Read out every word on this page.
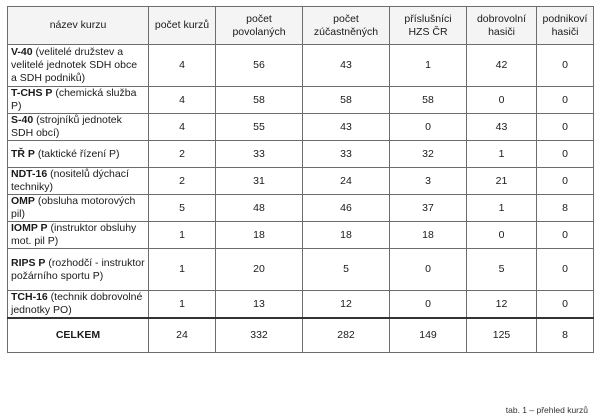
název kurzu	počet kurzů	počet povolaných	počet zúčastněných	příslušníci HZS ČR	dobrovolní hasiči	podnikoví hasiči
V-40 (velitelé družstev a velitelé jednotek SDH obce a SDH podniků)	4	56	43	1	42	0
T-CHS P (chemická služba P)	4	58	58	58	0	0
S-40 (strojníků jednotek SDH obcí)	4	55	43	0	43	0
TŘ P (taktické řízení P)	2	33	33	32	1	0
NDT-16 (nositelů dýchací techniky)	2	31	24	3	21	0
OMP (obsluha motorových pil)	5	48	46	37	1	8
IOMP P (instruktor obsluhy mot. pil P)	1	18	18	18	0	0
RIPS P (rozhodčí - instruktor požárního sportu P)	1	20	5	0	5	0
TCH-16 (technik dobrovolné jednotky PO)	1	13	12	0	12	0
CELKEM	24	332	282	149	125	8
tab. 1 – přehled kurzů
